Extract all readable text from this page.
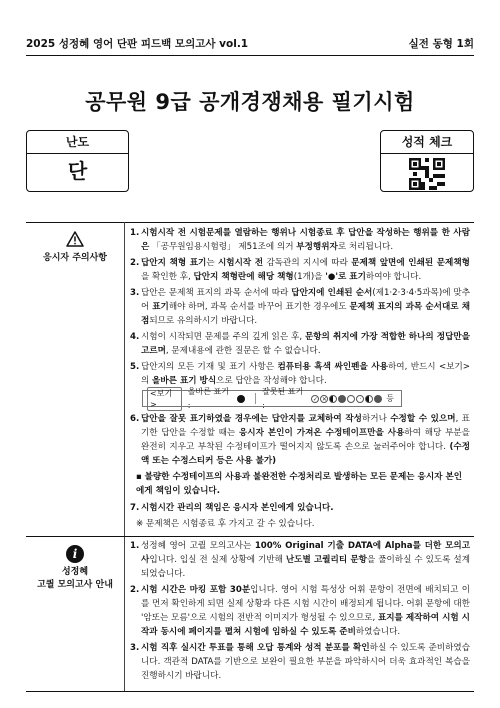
2025 성정혜 영어 단판 피드백 모의고사 vol.1	실전 동형 1회
공무원 9급 공개경쟁채용 필기시험
난도
단
성적 체크
응시자 주의사항
1. 시험시작 전 시험문제를 열람하는 행위나 시험종료 후 답안을 작성하는 행위를 한 사람은 「공무원임용시험령」 제51조에 의거 부정행위자로 처리됩니다.
2. 답안지 책형 표기는 시험시작 전 감독관의 지시에 따라 문제책 앞면에 인쇄된 문제책형을 확인한 후, 답안지 책형란에 해당 책형(1개)을 '●'로 표기하여야 합니다.
3. 답안은 문제책 표지의 과목 순서에 따라 답안지에 인쇄된 순서(제1·2·3·4·5과목)에 맞추어 표기해야 하며, 과목 순서를 바꾸어 표기한 경우에도 문제책 표지의 과목 순서대로 채점되므로 유의하시기 바랍니다.
4. 시험이 시작되면 문제를 주의 깊게 읽은 후, 문항의 취지에 가장 적합한 하나의 정답만을 고르며, 문제내용에 관한 질문은 할 수 없습니다.
5. 답안지의 모든 기재 및 표기 사항은 컴퓨터용 흑색 싸인펜을 사용하여, 반드시 <보기>의 올바른 표기 방식으로 답안을 작성해야 합니다.
<보기>
올바른 표기 :
잘못된 표기 :
✓ ✕	·	등
6. 답안을 잘못 표기하였을 경우에는 답안지를 교체하여 작성하거나 수정할 수 있으며, 표기한 답안을 수정할 때는 응시자 본인이 가져온 수정테이프만을 사용하여 해당 부분을 완전히 지우고 부착된 수정테이프가 떨어지지 않도록 손으로 눌러주어야 합니다. (수정액 또는 수정스티커 등은 사용 불가)
▪ 불량한 수정테이프의 사용과 불완전한 수정처리로 발생하는 모든 문제는 응시자 본인에게 책임이 있습니다.
7. 시험시간 관리의 책임은 응시자 본인에게 있습니다.
※ 문제책은 시험종료 후 가지고 갈 수 있습니다.
i
성정혜
고퀄 모의고사 안내
1. 성정혜 영어 고퀄 모의고사는 100% Original 기출 DATA에 Alpha를 더한 모의고사입니다. 입실 전 실제 상황에 기반해 난도별 고퀄리티 문항을 풀이하실 수 있도록 설계되었습니다.
2. 시험 시간은 마킹 포함 30분입니다. 영어 시험 특성상 어휘 문항이 전면에 배치되고 이를 먼저 확인하게 되면 실제 상황과 다른 시험 시간이 배정되게 됩니다. 어휘 문항에 대한 '암또는 모름'으로 시험의 전반적 이미지가 형성될 수 있으므로, 표지를 제작하여 시험 시작과 동시에 페이지를 펼쳐 시험에 임하실 수 있도록 준비하였습니다.
3. 시험 직후 실시간 투표를 통해 오답 통계와 성적 분포를 확인하실 수 있도록 준비하였습니다. 객관적 DATA를 기반으로 보완이 필요한 부분을 파악하시어 더욱 효과적인 복습을 진행하시기 바랍니다.
